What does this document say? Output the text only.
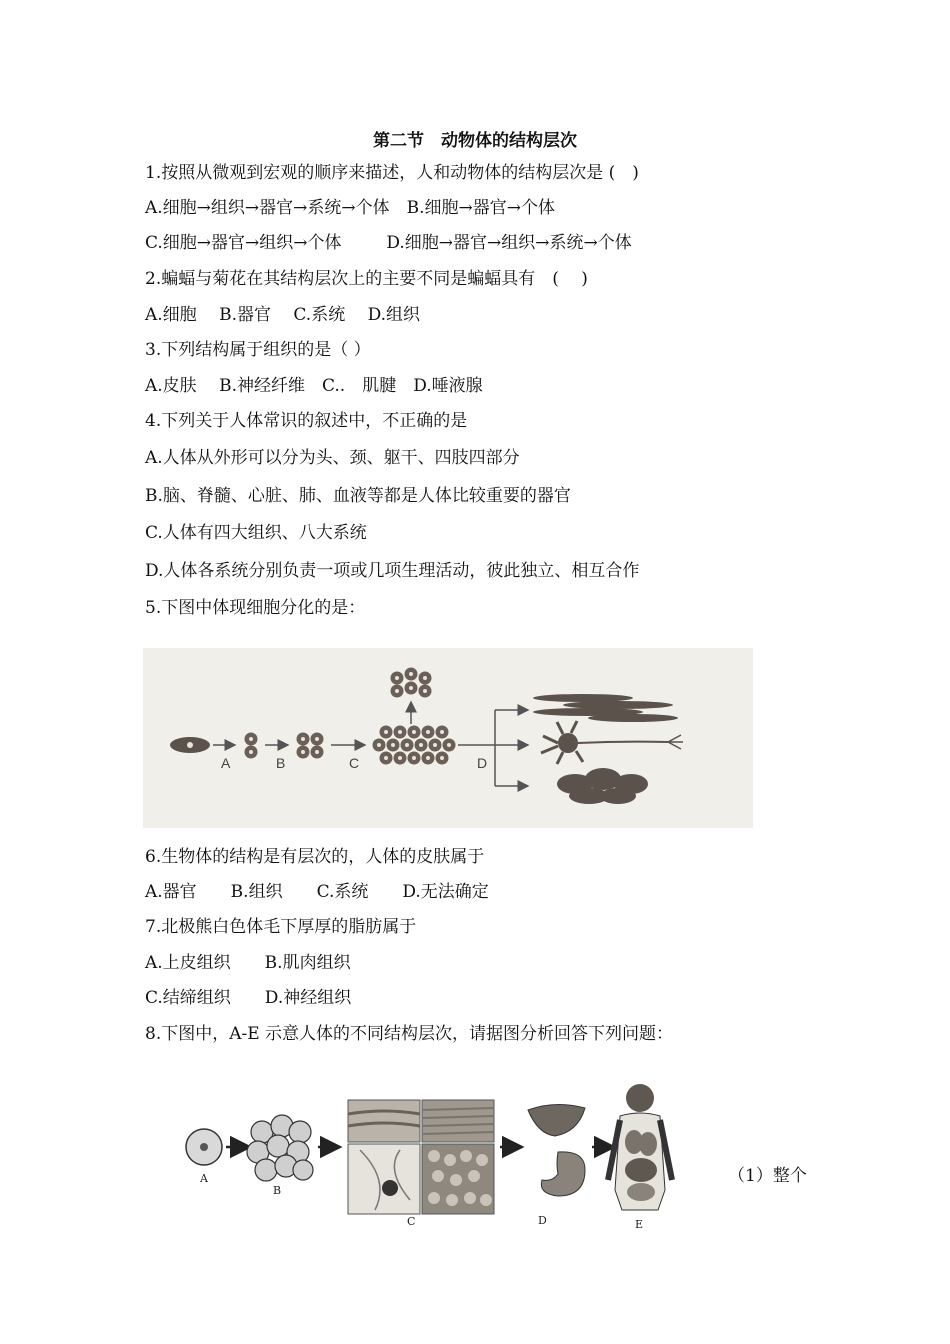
第二节　动物体的结构层次
1.按照从微观到宏观的顺序来描述，人和动物体的结构层次是 (　)
A.细胞→组织→器官→系统→个体　B.细胞→器官→个体
C.细胞→器官→组织→个体　　  D.细胞→器官→组织→系统→个体
2.蝙蝠与菊花在其结构层次上的主要不同是蝙蝠具有　(　 )
A.细胞　 B.器官　 C.系统　 D.组织
3.下列结构属于组织的是（ ）
A.皮肤　 B.神经纤维　C..　肌腱　D.唾液腺
4.下列关于人体常识的叙述中，不正确的是
A.人体从外形可以分为头、颈、躯干、四肢四部分
B.脑、脊髓、心脏、肺、血液等都是人体比较重要的器官
C.人体有四大组织、八大系统
D.人体各系统分别负责一项或几项生理活动，彼此独立、相互合作
5.下图中体现细胞分化的是：
A	B	C	D
6.生物体的结构是有层次的，人体的皮肤属于
A.器官　　B.组织　　C.系统　　D.无法确定
7.北极熊白色体毛下厚厚的脂肪属于
A.上皮组织　　B.肌肉组织
C.结缔组织　　D.神经组织
8.下图中，A-E 示意人体的不同结构层次，请据图分析回答下列问题：
A
B
C	D	E
（1）整个
